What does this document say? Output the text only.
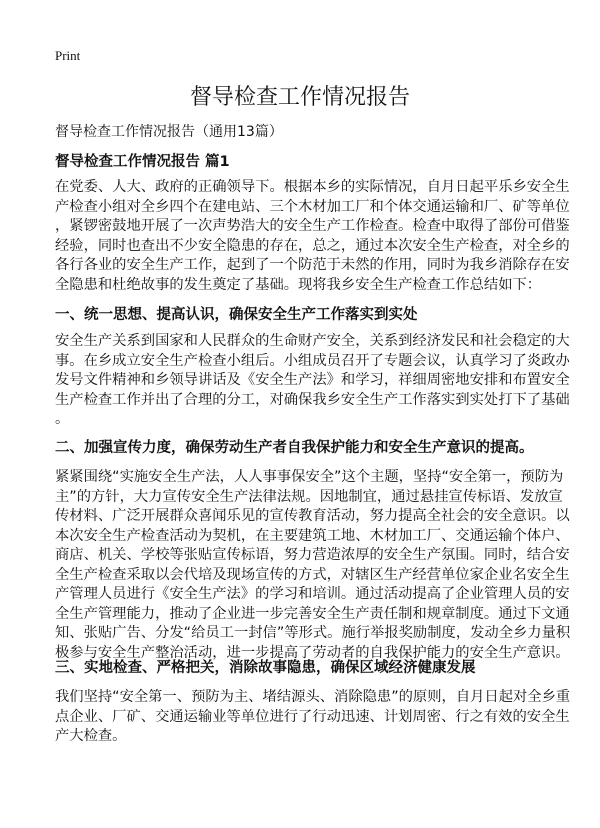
Print
督导检查工作情况报告
督导检查工作情况报告（通用13篇）
督导检查工作情况报告 篇1
在党委、人大、政府的正确领导下。根据本乡的实际情况，自月日起平乐乡安全生
产检查小组对全乡四个在建电站、三个木材加工厂和个体交通运输和厂、矿等单位
，紧锣密鼓地开展了一次声势浩大的安全生产工作检查。检查中取得了部份可借鉴
经验，同时也查出不少安全隐患的存在，总之，通过本次安全生产检查，对全乡的
各行各业的安全生产工作，起到了一个防范于未然的作用，同时为我乡消除存在安
全隐患和杜绝故事的发生奠定了基础。现将我乡安全生产检查工作总结如下：
一、统一思想、提高认识，确保安全生产工作落实到实处
安全生产关系到国家和人民群众的生命财产安全，关系到经济发民和社会稳定的大
事。在乡成立安全生产检查小组后。小组成员召开了专题会议，认真学习了炎政办
发号文件精神和乡领导讲话及《安全生产法》和学习，祥细周密地安排和布置安全
生产检查工作并出了合理的分工，对确保我乡安全生产工作落实到实处打下了基础
。
二、加强宣传力度，确保劳动生产者自我保护能力和安全生产意识的提高。
紧紧围绕“实施安全生产法，人人事事保安全”这个主题，坚持“安全第一，预防为
主”的方针，大力宣传安全生产法律法规。因地制宜，通过悬挂宣传标语、发放宣
传材料、广泛开展群众喜闻乐见的宣传教育活动，努力提高全社会的安全意识。以
本次安全生产检查活动为契机，在主要建筑工地、木材加工厂、交通运输个体户、
商店、机关、学校等张贴宣传标语，努力营造浓厚的安全生产氛围。同时，结合安
全生产检查采取以会代培及现场宣传的方式，对辖区生产经营单位家企业名安全生
产管理人员进行《安全生产法》的学习和培训。通过活动提高了企业管理人员的安
全生产管理能力，推动了企业进一步完善安全生产责任制和规章制度。通过下文通
知、张贴广告、分发“给员工一封信”等形式。施行举报奖励制度，发动全乡力量积
极参与安全生产整治活动，进一步提高了劳动者的自我保护能力的安全生产意识。
三、实地检查、严格把关，消除故事隐患，确保区域经济健康发展
我们坚持“安全第一、预防为主、堵结源头、消除隐患”的原则，自月日起对全乡重
点企业、厂矿、交通运输业等单位进行了行动迅速、计划周密、行之有效的安全生
产大检查。
